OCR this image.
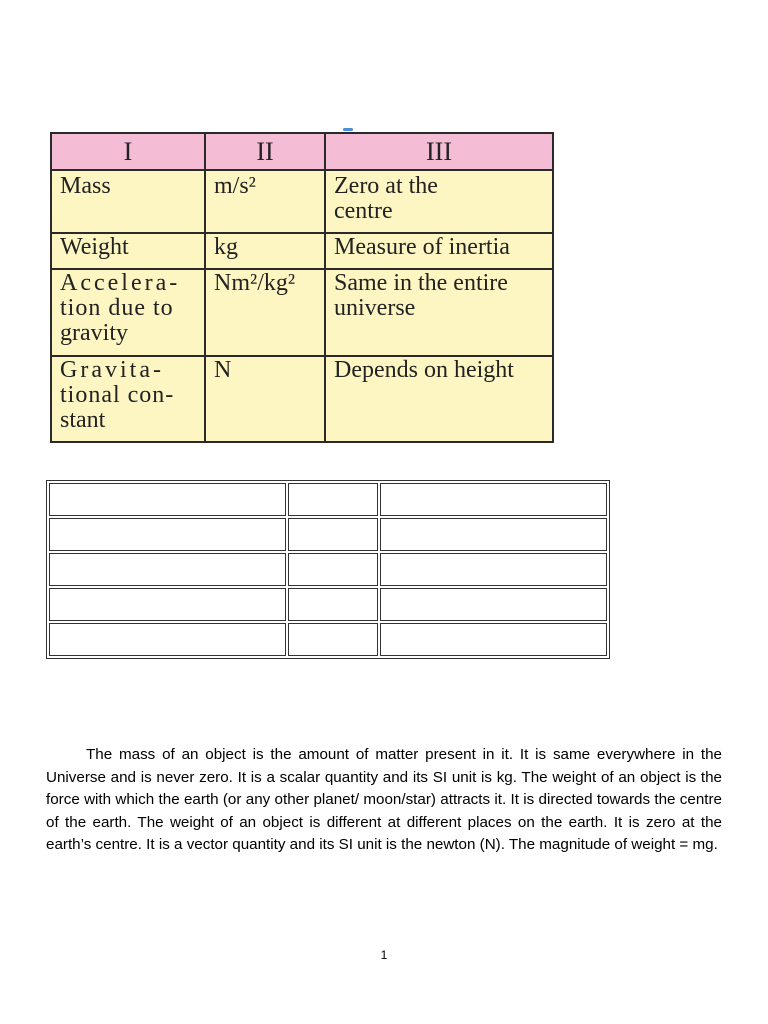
I	II	III
Mass	m/s²	Zero at the
centre
Weight	kg	Measure of inertia
Accelera-
tion due to
gravity	Nm²/kg²	Same in the entire
universe
Gravita-
tional con-
stant	N	Depends on height

The mass of an object is the amount of matter present in it. It is same everywhere in the Universe and is never zero. It is a scalar quantity and its SI unit is kg. The weight of an object is the force with which the earth (or any other planet/ moon/star) attracts it. It is directed towards the centre of the earth. The weight of an object is different at different places on the earth. It is zero at the earth’s centre. It is a vector quantity and its SI unit is the newton (N). The magnitude of weight = mg.

1
